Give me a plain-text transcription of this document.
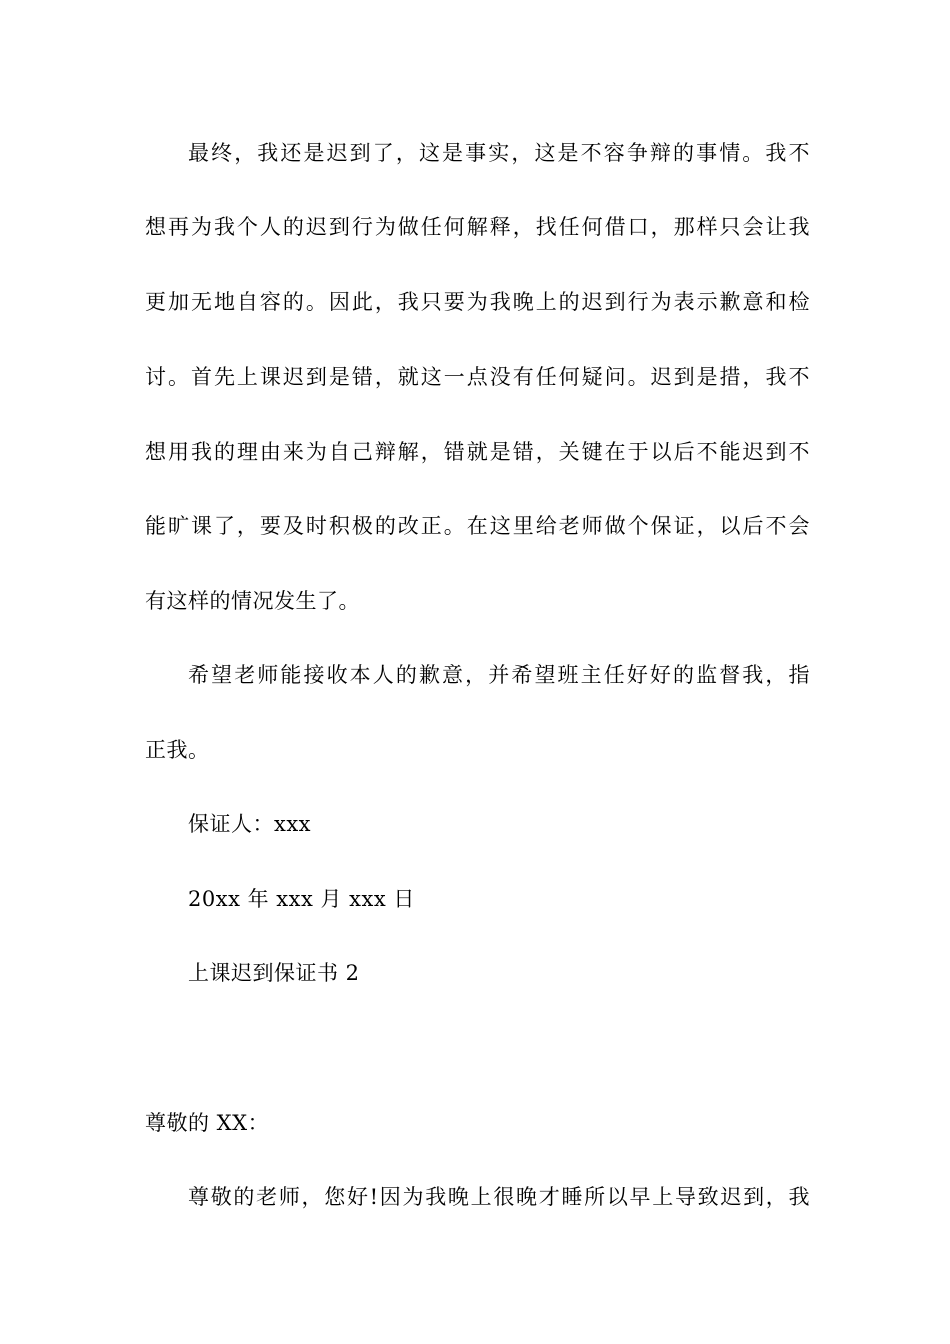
最终，我还是迟到了，这是事实，这是不容争辩的事情。我不
想再为我个人的迟到行为做任何解释，找任何借口，那样只会让我
更加无地自容的。因此，我只要为我晚上的迟到行为表示歉意和检
讨。首先上课迟到是错，就这一点没有任何疑问。迟到是措，我不
想用我的理由来为自己辩解，错就是错，关键在于以后不能迟到不
能旷课了，要及时积极的改正。在这里给老师做个保证，以后不会
有这样的情况发生了。
希望老师能接收本人的歉意，并希望班主任好好的监督我，指
正我。
保证人：xxx
20xx 年 xxx 月 xxx 日
上课迟到保证书 2
尊敬的 XX：
尊敬的老师，您好!因为我晚上很晚才睡所以早上导致迟到，我
